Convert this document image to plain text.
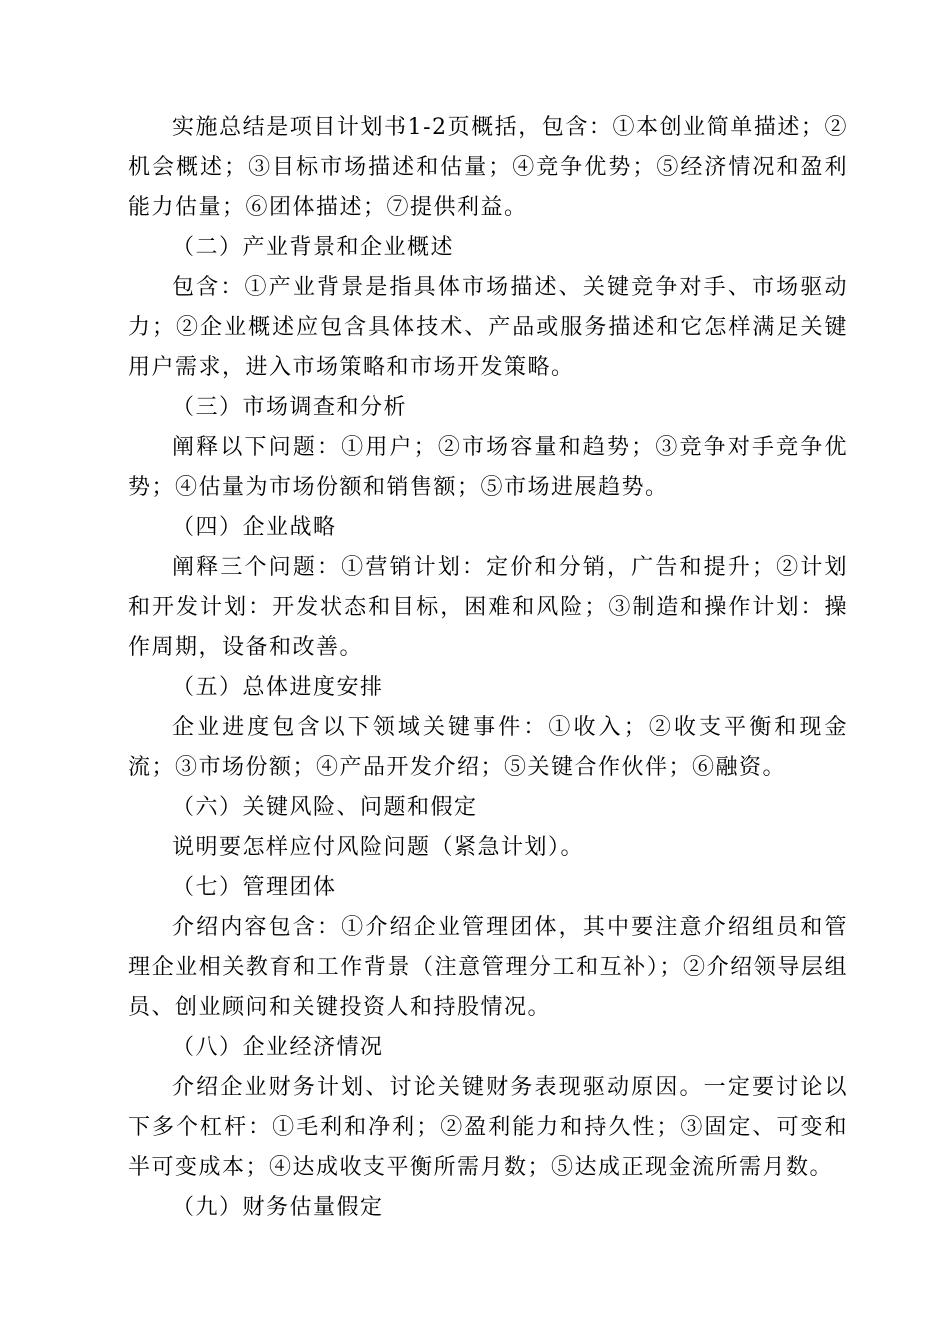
实施总结是项目计划书1-2页概括，包含：①本创业简单描述；②机会概述；③目标市场描述和估量；④竞争优势；⑤经济情况和盈利能力估量；⑥团体描述；⑦提供利益。

（二）产业背景和企业概述

包含：①产业背景是指具体市场描述、关键竞争对手、市场驱动力；②企业概述应包含具体技术、产品或服务描述和它怎样满足关键用户需求，进入市场策略和市场开发策略。

（三）市场调查和分析

阐释以下问题：①用户；②市场容量和趋势；③竞争对手竞争优势；④估量为市场份额和销售额；⑤市场进展趋势。

（四）企业战略

阐释三个问题：①营销计划：定价和分销，广告和提升；②计划和开发计划：开发状态和目标，困难和风险；③制造和操作计划：操作周期，设备和改善。

（五）总体进度安排

企业进度包含以下领域关键事件：①收入；②收支平衡和现金流；③市场份额；④产品开发介绍；⑤关键合作伙伴；⑥融资。

（六）关键风险、问题和假定

说明要怎样应付风险问题（紧急计划）。

（七）管理团体

介绍内容包含：①介绍企业管理团体，其中要注意介绍组员和管理企业相关教育和工作背景（注意管理分工和互补）；②介绍领导层组员、创业顾问和关键投资人和持股情况。

（八）企业经济情况

介绍企业财务计划、讨论关键财务表现驱动原因。一定要讨论以下多个杠杆：①毛利和净利；②盈利能力和持久性；③固定、可变和半可变成本；④达成收支平衡所需月数；⑤达成正现金流所需月数。

（九）财务估量假定
